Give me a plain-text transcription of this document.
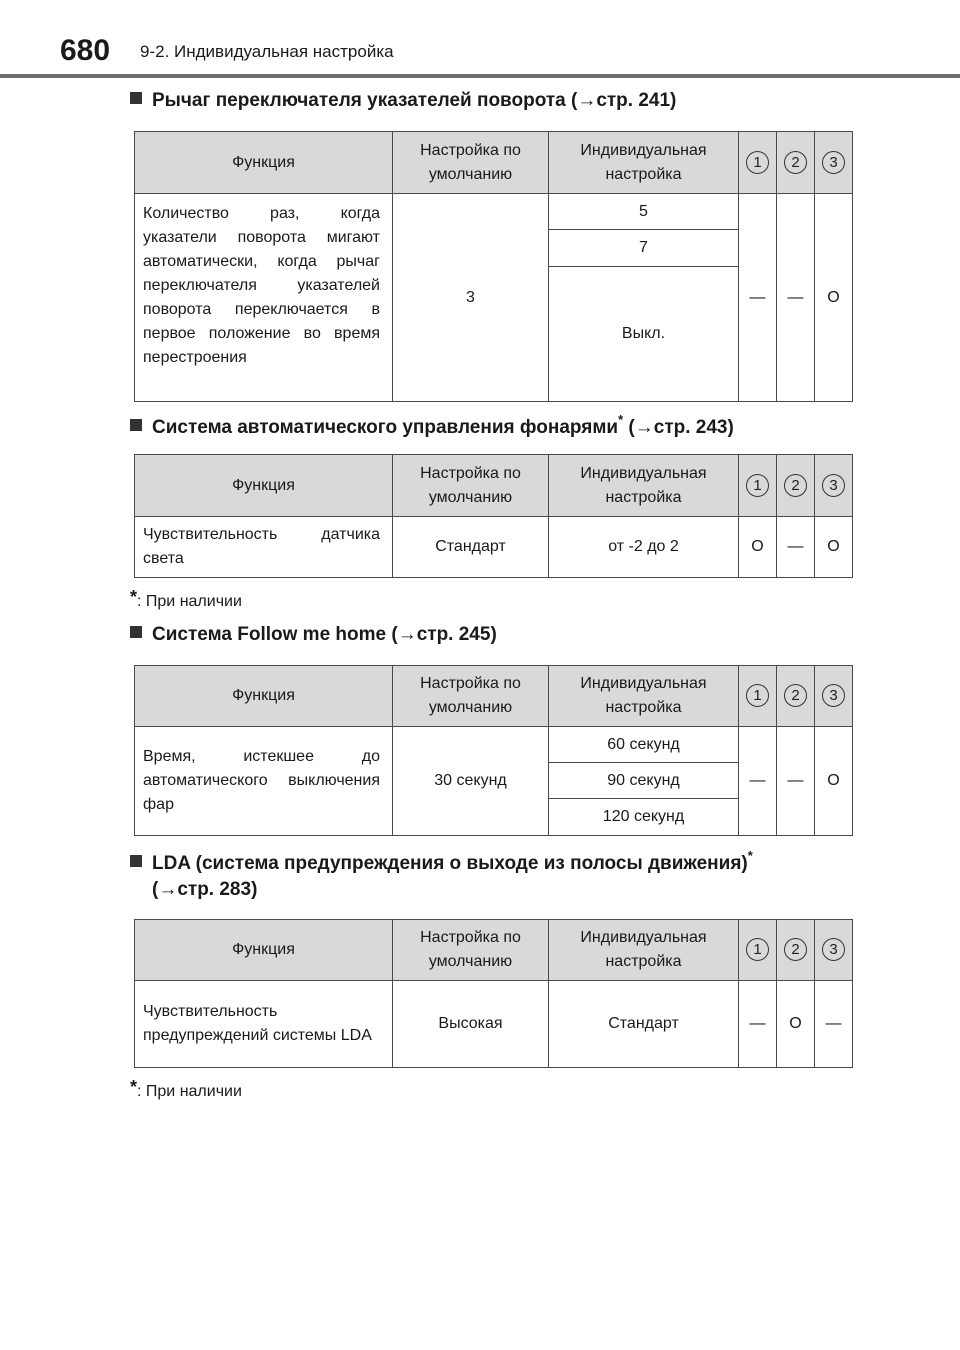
680 9-2. Индивидуальная настройка
Рычаг переключателя указателей поворота (→стр. 241)
Функция	Настройка по умолчанию	Индивидуальная настройка	1	2	3
Количество раз, когда указатели поворота мигают автоматически, когда рычаг переключателя указателей поворота переключается в первое положение во время перестроения	3	5	—	—	O
		7			
		Выкл.			
Система автоматического управления фонарями* (→стр. 243)
Функция	Настройка по умолчанию	Индивидуальная настройка	1	2	3
Чувствительность датчика света	Стандарт	от -2 до 2	O	—	O
*: При наличии
Система Follow me home (→стр. 245)
Функция	Настройка по умолчанию	Индивидуальная настройка	1	2	3
Время, истекшее до автоматического выключения фар	30 секунд	60 секунд	—	—	O
		90 секунд			
		120 секунд			
LDA (система предупреждения о выходе из полосы движения)*
(→стр. 283)
Функция	Настройка по умолчанию	Индивидуальная настройка	1	2	3
Чувствительность предупреждений системы LDA	Высокая	Стандарт	—	O	—
*: При наличии
